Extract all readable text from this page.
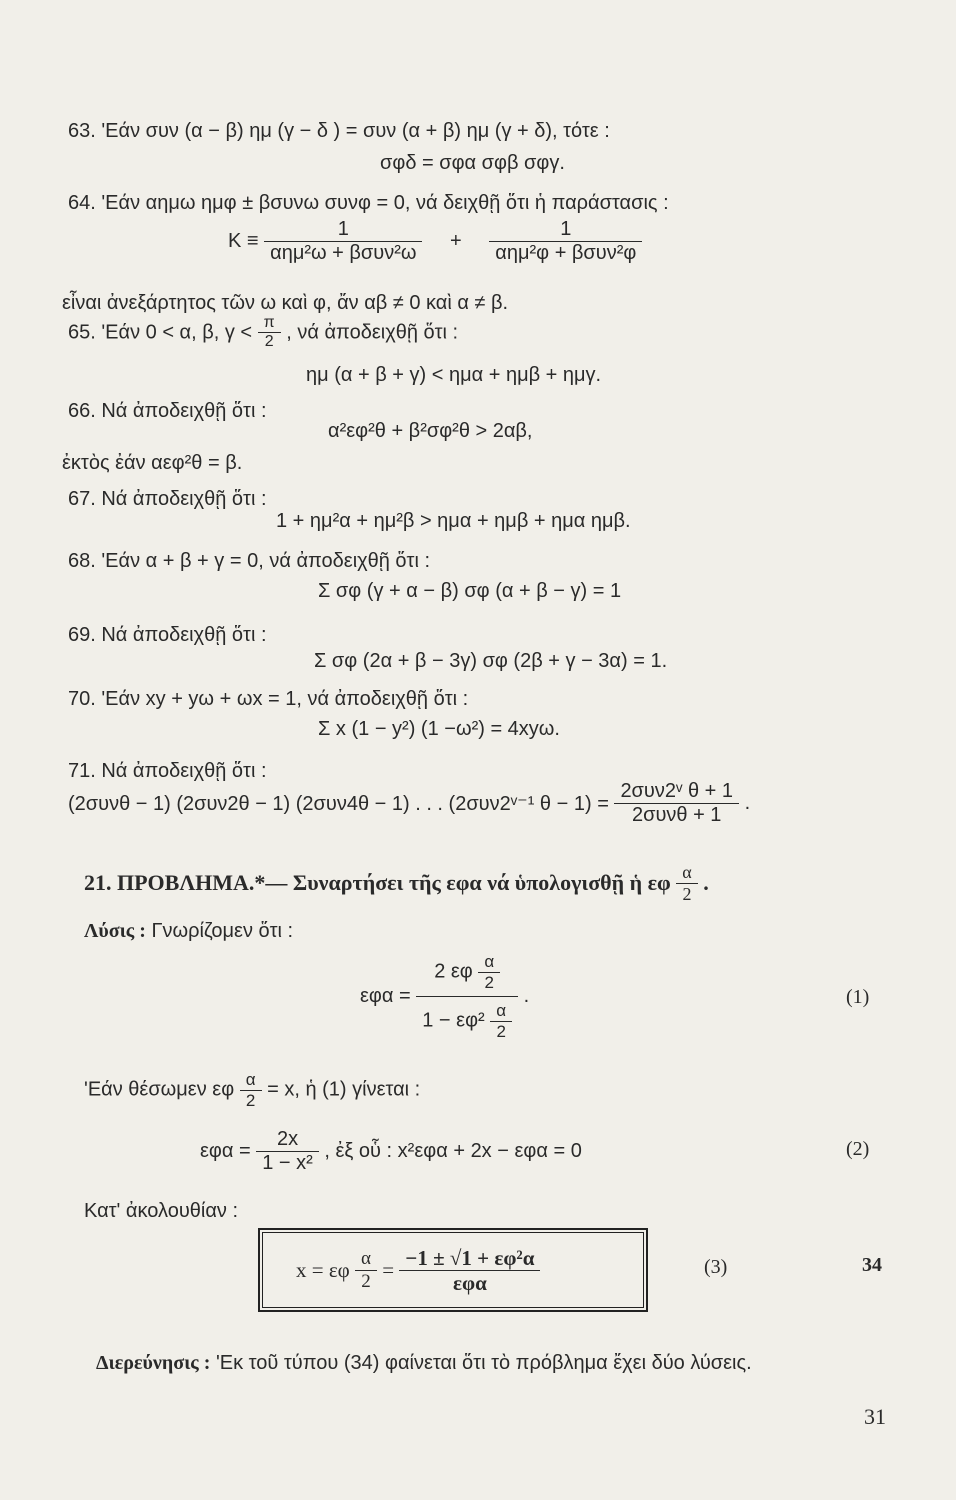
63. 'Εάν συν (α − β) ημ (γ − δ ) = συν (α + β) ημ (γ + δ), τότε :
σφδ = σφα σφβ σφγ.
64. 'Εάν αημω ημφ ± βσυνω συνφ = 0, νά δειχθῇ ὅτι ἡ παράστασις :
$K \equiv \frac{1}{\text{αημ²ω + βσυν²ω}} + \frac{1}{\text{αημ²φ + βσυν²φ}}$
εἶναι ἀνεξάρτητος τῶν ω καὶ φ, ἄν αβ ≠ 0 καὶ α ≠ β.
65. 'Εάν 0 < α, β, $\gamma < \frac{\pi}{2}$ , νά ἀποδειχθῇ ὅτι :
ημ (α + β + γ) < ημα + ημβ + ημγ.
66. Νά ἀποδειχθῇ ὅτι :
α²εφ²θ + β²σφ²θ > 2αβ,
ἐκτὸς ἐάν αεφ²θ = β.
67. Νά ἀποδειχθῇ ὅτι :
1 + ημ²α + ημ²β > ημα + ημβ + ημα ημβ.
68. 'Εάν α + β + γ = 0, νά ἀποδειχθῇ ὅτι :
Σ σφ (γ + α − β) σφ (α + β − γ) = 1
69. Νά ἀποδειχθῇ ὅτι :
Σ σφ (2α + β − 3γ) σφ (2β + γ − 3α) = 1.
70. 'Εάν xy + yω + ωx = 1, νά ἀποδειχθῇ ὅτι :
Σ x (1 − y²) (1 −ω²) = 4xyω.
71. Νά ἀποδειχθῇ ὅτι :
(2συνθ − 1) (2συν2θ − 1) (2συν4θ − 1) . . . (2συν2ᵛ⁻¹ $\theta - 1) = \frac{\text{2συν2ᵛ θ + 1}}{\text{2συνθ + 1}}$ .
21. ΠΡΟΒΛΗΜΑ.*— Συναρτήσει τῆς εφα νά ὑπολογισθῇ ἡ εφ $\frac{\alpha}{2}$ .
Λύσις : Γνωρίζομεν ὅτι :
$\varepsilon\varphi\alpha = \frac{2 \varepsilon\varphi \frac{\alpha}{2}}{1 - \varepsilon\varphi^2 \frac{\alpha}{2}}$ .	(1)
'Εάν θέσωμεν εφ $\frac{\alpha}{2} = x$, ἡ (1) γίνεται :
$\varepsilon\varphi\alpha = \frac{2x}{\text{1 − x²}}$ , ἐξ οὗ : x²εφα + 2x − εφα = 0	(2)
Κατ' ἀκολουθίαν :
x = εφ $\frac{\alpha}{2} = \frac{\text{−1 ± √1 + εφ²α}}{\text{εφα}}$	(3)	34
Διερεύνησις : 'Εκ τοῦ τύπου (34) φαίνεται ὅτι τὸ πρόβλημα ἔχει δύο λύσεις.
31
